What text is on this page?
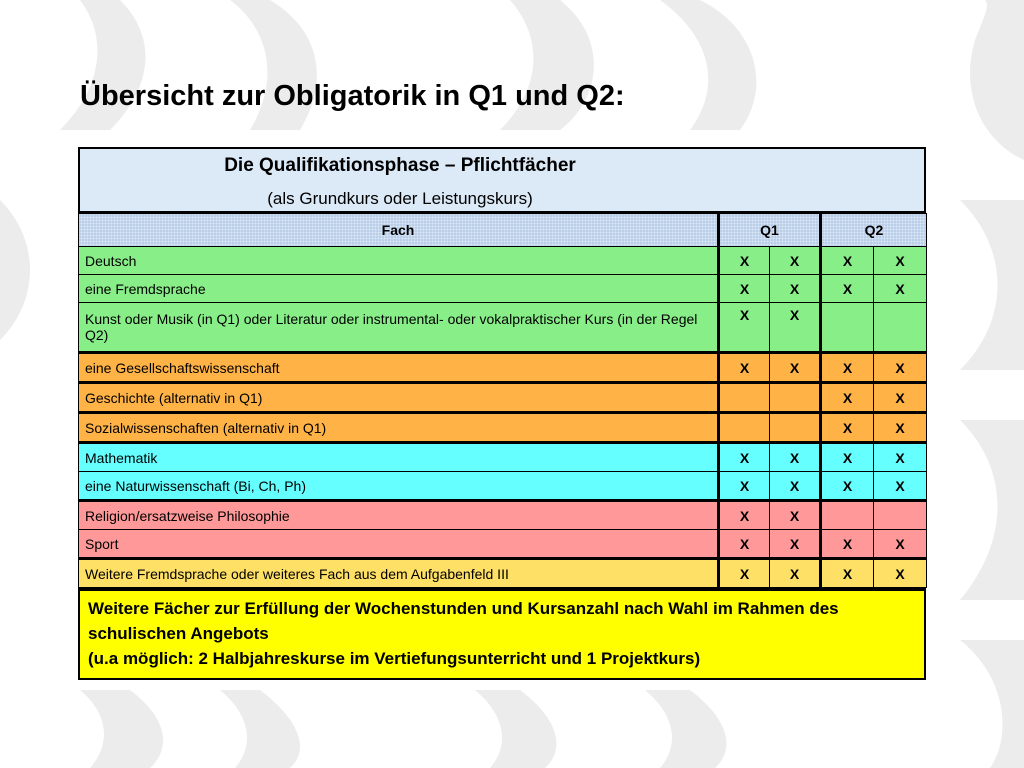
Übersicht zur Obligatorik in Q1 und Q2:
Die Qualifikationsphase – Pflichtfächer
(als Grundkurs oder Leistungskurs)
Fach	Q1		Q2	
Deutsch	X	X	X	X
eine Fremdsprache	X	X	X	X
Kunst oder Musik (in Q1) oder Literatur oder instrumental- oder vokalpraktischer Kurs (in der Regel Q2)	X	X		
eine Gesellschaftswissenschaft	X	X	X	X
Geschichte (alternativ in Q1)			X	X
Sozialwissenschaften (alternativ in Q1)			X	X
Mathematik	X	X	X	X
eine Naturwissenschaft (Bi, Ch, Ph)	X	X	X	X
Religion/ersatzweise Philosophie	X	X		
Sport	X	X	X	X
Weitere Fremdsprache oder weiteres Fach aus dem Aufgabenfeld III	X	X	X	X
Weitere Fächer zur Erfüllung der Wochenstunden und Kursanzahl nach Wahl im Rahmen des schulischen Angebots
(u.a möglich: 2 Halbjahreskurse im Vertiefungsunterricht und 1 Projektkurs)
